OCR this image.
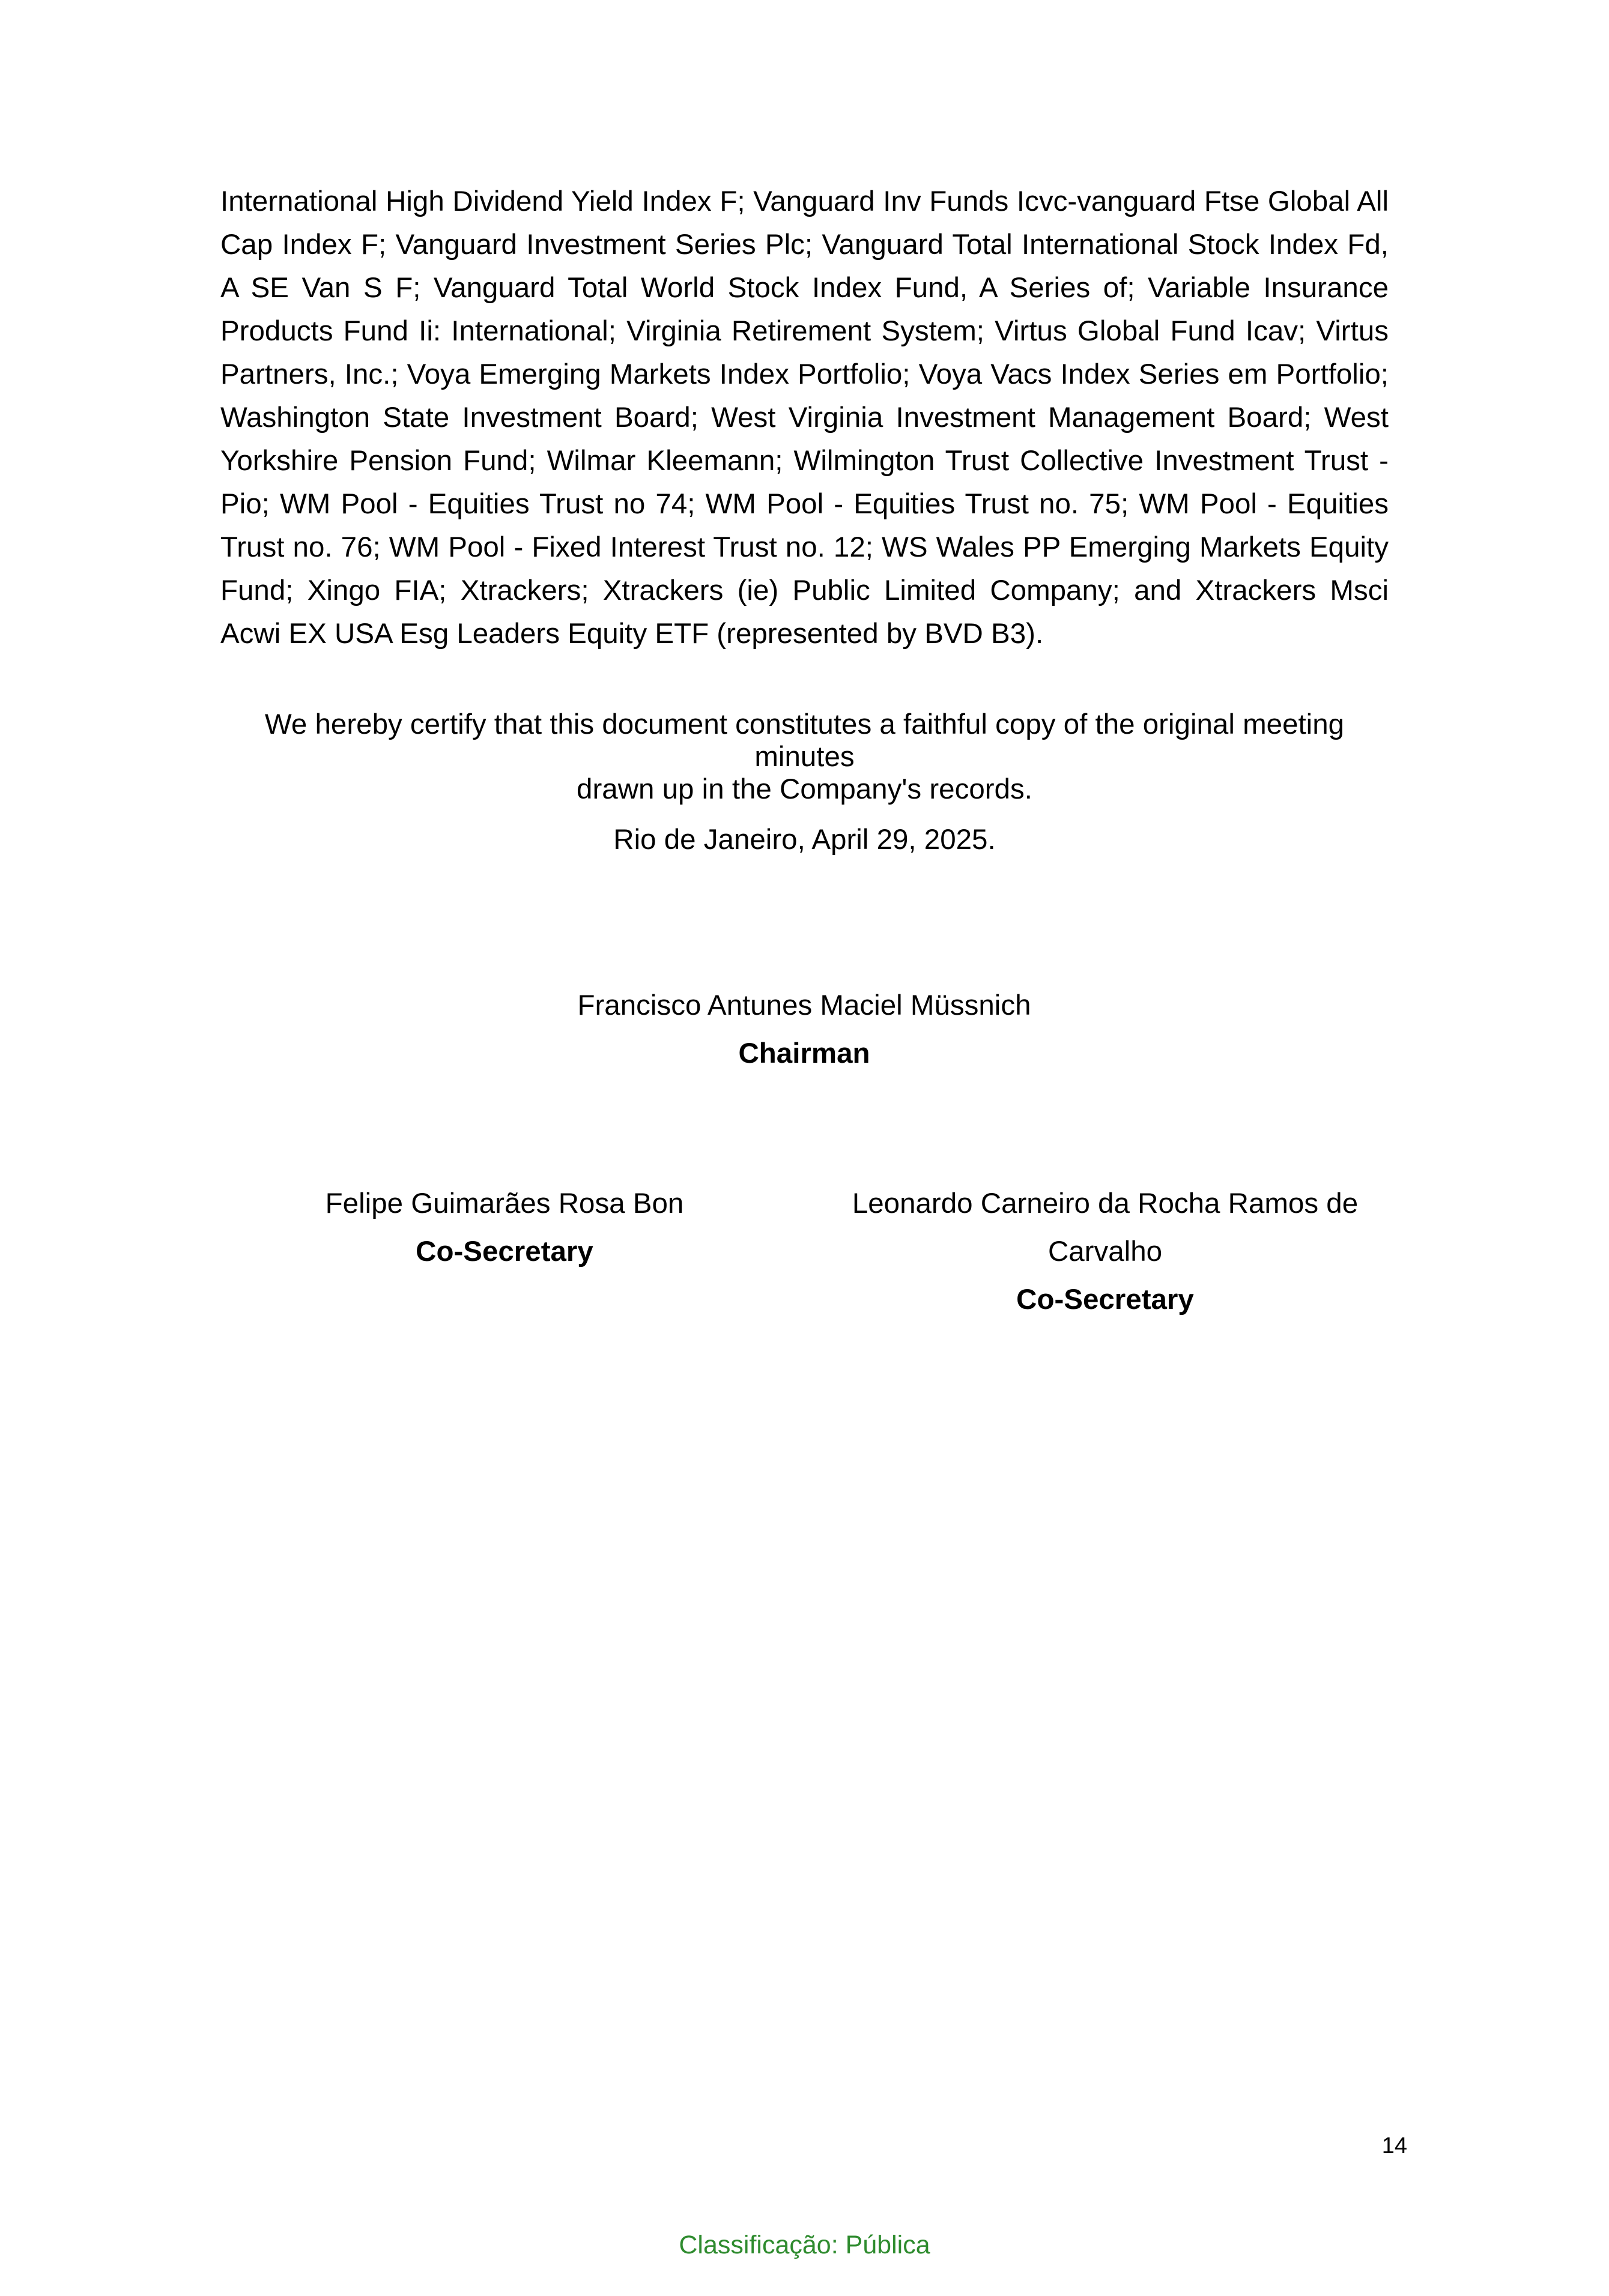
International High Dividend Yield Index F; Vanguard Inv Funds Icvc-vanguard Ftse Global All Cap Index F; Vanguard Investment Series Plc; Vanguard Total International Stock Index Fd, A SE Van S F; Vanguard Total World Stock Index Fund, A Series of; Variable Insurance Products Fund Ii: International; Virginia Retirement System; Virtus Global Fund Icav; Virtus Partners, Inc.; Voya Emerging Markets Index Portfolio; Voya Vacs Index Series em Portfolio; Washington State Investment Board; West Virginia Investment Management Board; West Yorkshire Pension Fund; Wilmar Kleemann; Wilmington Trust Collective Investment Trust - Pio; WM Pool - Equities Trust no 74; WM Pool - Equities Trust no. 75; WM Pool - Equities Trust no. 76; WM Pool - Fixed Interest Trust no. 12; WS Wales PP Emerging Markets Equity Fund; Xingo FIA; Xtrackers; Xtrackers (ie) Public Limited Company; and Xtrackers Msci Acwi EX USA Esg Leaders Equity ETF (represented by BVD B3).

We hereby certify that this document constitutes a faithful copy of the original meeting minutes
drawn up in the Company's records.

Rio de Janeiro, April 29, 2025.

Francisco Antunes Maciel Müssnich
Chairman
Felipe Guimarães Rosa Bon
Co-Secretary
Leonardo Carneiro da Rocha Ramos de
Carvalho
Co-Secretary
14
Classificação: Pública
